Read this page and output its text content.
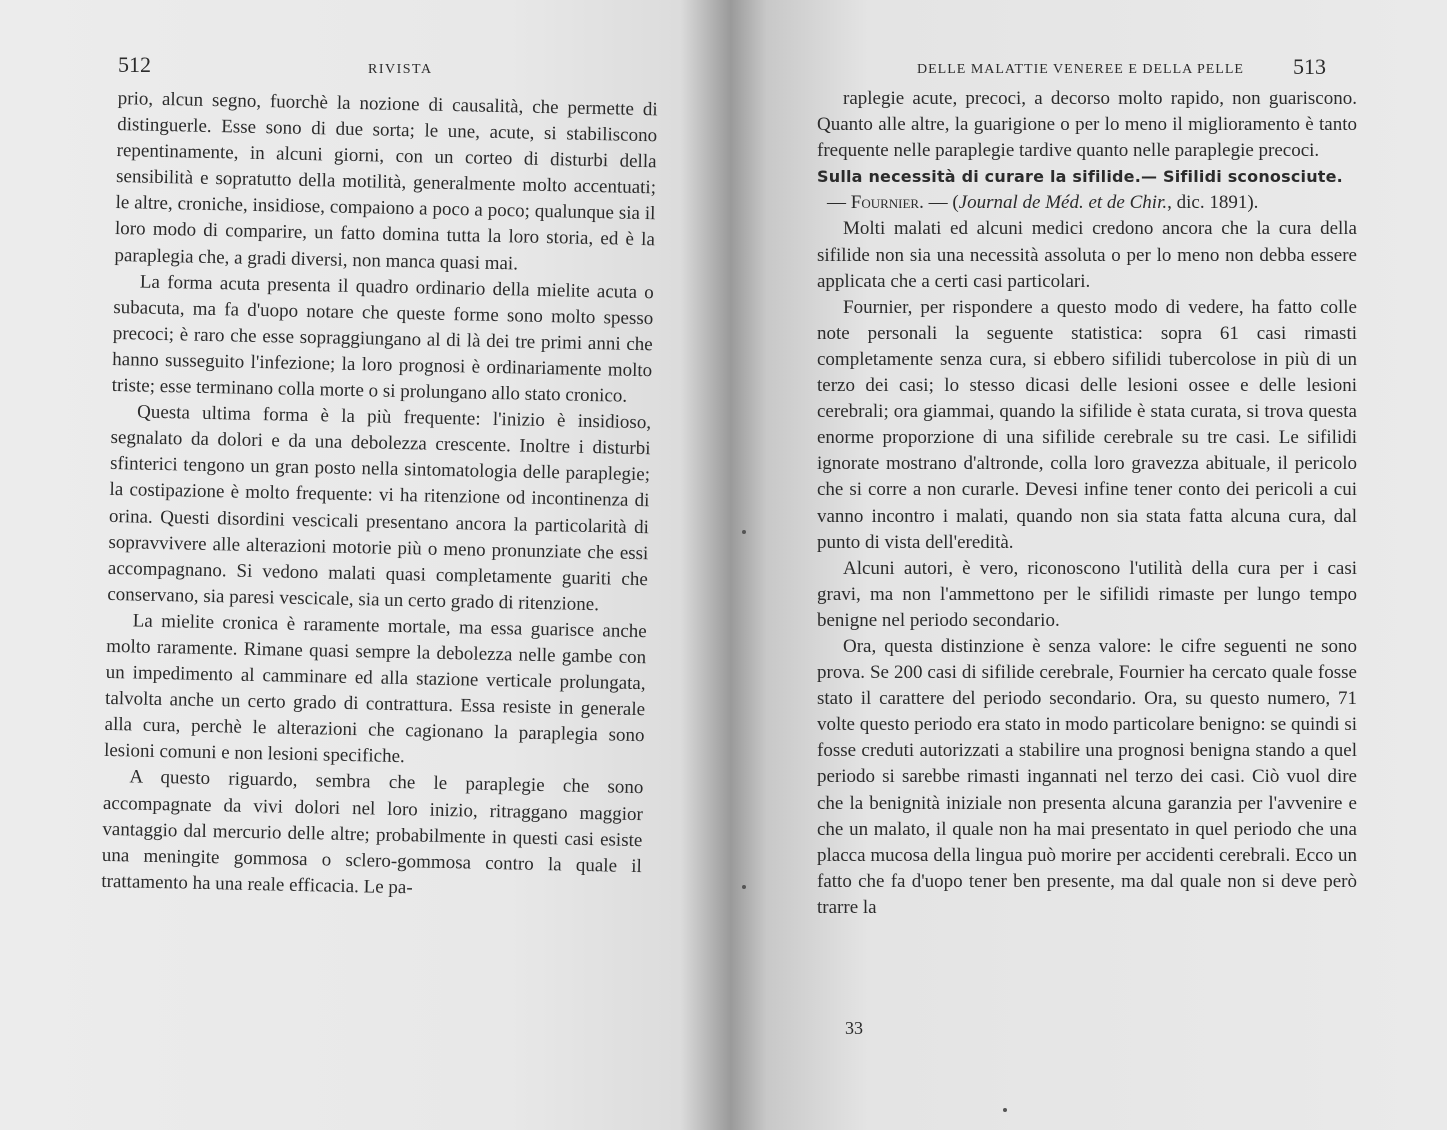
512	RIVISTA

prio, alcun segno, fuorchè la nozione di causalità, che permette di distinguerle. Esse sono di due sorta; le une, acute, si stabiliscono repentinamente, in alcuni giorni, con un corteo di disturbi della sensibilità e sopratutto della motilità, generalmente molto accentuati; le altre, croniche, insidiose, compaiono a poco a poco; qualunque sia il loro modo di comparire, un fatto domina tutta la loro storia, ed è la paraplegia che, a gradi diversi, non manca quasi mai.

La forma acuta presenta il quadro ordinario della mielite acuta o subacuta, ma fa d'uopo notare che queste forme sono molto spesso precoci; è raro che esse sopraggiungano al di là dei tre primi anni che hanno susseguito l'infezione; la loro prognosi è ordinariamente molto triste; esse terminano colla morte o si prolungano allo stato cronico.

Questa ultima forma è la più frequente: l'inizio è insidioso, segnalato da dolori e da una debolezza crescente. Inoltre i disturbi sfinterici tengono un gran posto nella sintomatologia delle paraplegie; la costipazione è molto frequente: vi ha ritenzione od incontinenza di orina. Questi disordini vescicali presentano ancora la particolarità di sopravvivere alle alterazioni motorie più o meno pronunziate che essi accompagnano. Si vedono malati quasi completamente guariti che conservano, sia paresi vescicale, sia un certo grado di ritenzione.

La mielite cronica è raramente mortale, ma essa guarisce anche molto raramente. Rimane quasi sempre la debolezza nelle gambe con un impedimento al camminare ed alla stazione verticale prolungata, talvolta anche un certo grado di contrattura. Essa resiste in generale alla cura, perchè le alterazioni che cagionano la paraplegia sono lesioni comuni e non lesioni specifiche.

A questo riguardo, sembra che le paraplegie che sono accompagnate da vivi dolori nel loro inizio, ritraggano maggior vantaggio dal mercurio delle altre; probabilmente in questi casi esiste una meningite gommosa o sclero-gommosa contro la quale il trattamento ha una reale efficacia. Le pa-

DELLE MALATTIE VENEREE E DELLA PELLE 513

raplegie acute, precoci, a decorso molto rapido, non guariscono. Quanto alle altre, la guarigione o per lo meno il miglioramento è tanto frequente nelle paraplegie tardive quanto nelle paraplegie precoci.

Sulla necessità di curare la sifilide.— Sifilidi sconosciute.

— Fournier. — (Journal de Méd. et de Chir., dic. 1891).

Molti malati ed alcuni medici credono ancora che la cura della sifilide non sia una necessità assoluta o per lo meno non debba essere applicata che a certi casi particolari.

Fournier, per rispondere a questo modo di vedere, ha fatto colle note personali la seguente statistica: sopra 61 casi rimasti completamente senza cura, si ebbero sifilidi tubercolose in più di un terzo dei casi; lo stesso dicasi delle lesioni ossee e delle lesioni cerebrali; ora giammai, quando la sifilide è stata curata, si trova questa enorme proporzione di una sifilide cerebrale su tre casi. Le sifilidi ignorate mostrano d'altronde, colla loro gravezza abituale, il pericolo che si corre a non curarle. Devesi infine tener conto dei pericoli a cui vanno incontro i malati, quando non sia stata fatta alcuna cura, dal punto di vista dell'eredità.

Alcuni autori, è vero, riconoscono l'utilità della cura per i casi gravi, ma non l'ammettono per le sifilidi rimaste per lungo tempo benigne nel periodo secondario.

Ora, questa distinzione è senza valore: le cifre seguenti ne sono prova. Se 200 casi di sifilide cerebrale, Fournier ha cercato quale fosse stato il carattere del periodo secondario. Ora, su questo numero, 71 volte questo periodo era stato in modo particolare benigno: se quindi si fosse creduti autorizzati a stabilire una prognosi benigna stando a quel periodo si sarebbe rimasti ingannati nel terzo dei casi. Ciò vuol dire che la benignità iniziale non presenta alcuna garanzia per l'avvenire e che un malato, il quale non ha mai presentato in quel periodo che una placca mucosa della lingua può morire per accidenti cerebrali. Ecco un fatto che fa d'uopo tener ben presente, ma dal quale non si deve però trarre la

33
